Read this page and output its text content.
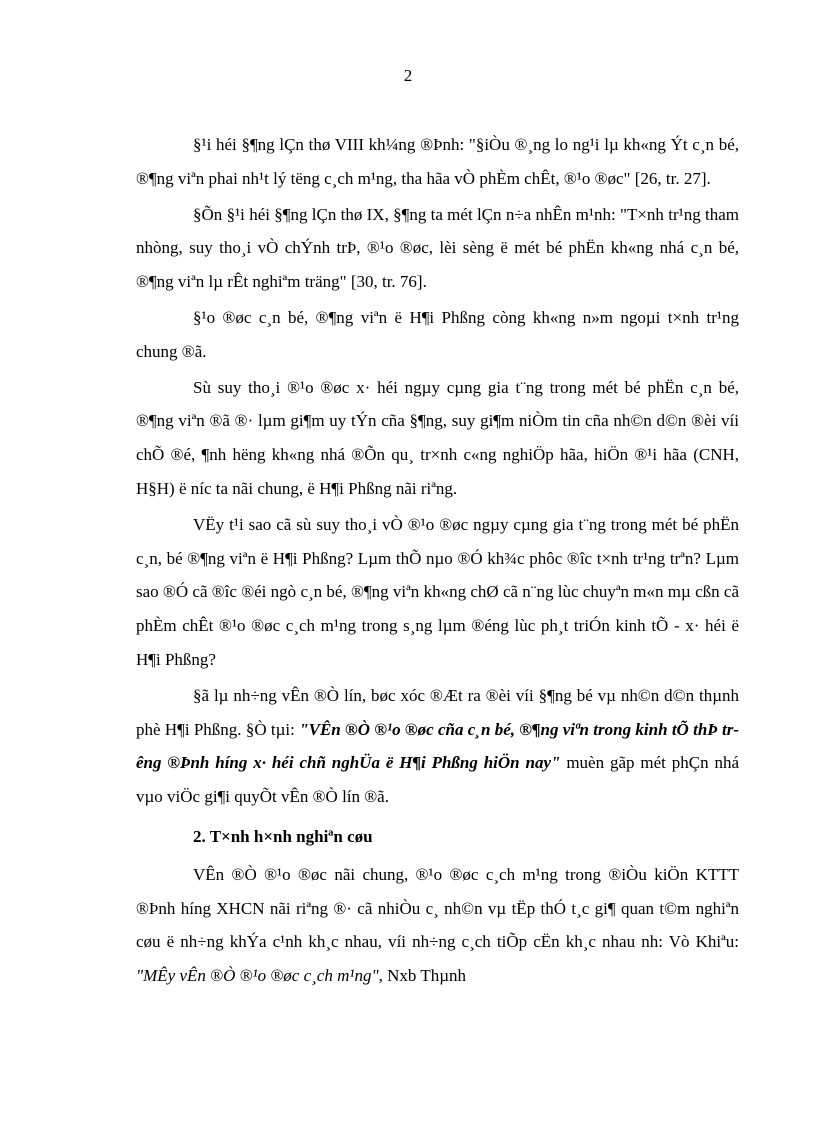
2

§¹i héi §¶ng lÇn thø VIII kh¼ng ®Þnh: "§iÒu ®¸ng lo ng¹i lµ kh«ng Ýt c¸n bé, ®¶ng viªn phai nh¹t lý tëng c¸ch m¹ng, tha hãa vÒ phÈm chÊt, ®¹o ®øc" [26, tr. 27].

§Õn §¹i héi §¶ng lÇn thø IX, §¶ng ta mét lÇn n÷a nhÊn m¹nh: "T×nh tr¹ng tham nhòng, suy tho¸i vÒ chÝnh trÞ, ®¹o ®øc, lèi sèng ë mét bé phËn kh«ng nhá c¸n bé, ®¶ng viªn lµ rÊt nghiªm träng" [30, tr. 76].

§¹o ®øc c¸n bé, ®¶ng viªn ë H¶i Phßng còng kh«ng n»m ngoµi t×nh tr¹ng chung ®ã.

Sù suy tho¸i ®¹o ®øc x· héi ngµy cµng gia t¨ng trong mét bé phËn c¸n bé, ®¶ng viªn ®ã ®· lµm gi¶m uy tÝn cña §¶ng, suy gi¶m niÒm tin cña nh©n d©n ®èi víi chÕ ®é, ¶nh hëng kh«ng nhá ®Õn qu¸ tr×nh c«ng nghiÖp hãa, hiÖn ®¹i hãa (CNH, H§H) ë níc ta nãi chung, ë H¶i Phßng nãi riªng.

VËy t¹i sao cã sù suy tho¸i vÒ ®¹o ®øc ngµy cµng gia t¨ng trong mét bé phËn c¸n, bé ®¶ng viªn ë H¶i Phßng? Lµm thÕ nµo ®Ó kh¾c phôc ®îc t×nh tr¹ng trªn? Lµm sao ®Ó cã ®îc ®éi ngò c¸n bé, ®¶ng viªn kh«ng chØ cã n¨ng lùc chuyªn m«n mµ cßn cã phÈm chÊt ®¹o ®øc c¸ch m¹ng trong s¸ng lµm ®éng lùc ph¸t triÓn kinh tÕ - x· héi ë H¶i Phßng?

§ã lµ nh÷ng vÊn ®Ò lín, bøc xóc ®Æt ra ®èi víi §¶ng bé vµ nh©n d©n thµnh phè H¶i Phßng. §Ò tµi: "VÊn ®Ò ®¹o ®øc cña c¸n bé, ®¶ng viªn trong kinh tÕ thÞ trêng ®Þnh híng x· héi chñ nghÜa ë H¶i Phßng hiÖn nay" muèn gãp mét phÇn nhá vµo viÖc gi¶i quyÕt vÊn ®Ò lín ®ã.

2. T×nh h×nh nghiªn cøu

VÊn ®Ò ®¹o ®øc nãi chung, ®¹o ®øc c¸ch m¹ng trong ®iÒu kiÖn KTTT ®Þnh híng XHCN nãi riªng ®· cã nhiÒu c¸ nh©n vµ tËp thÓ t¸c gi¶ quan t©m nghiªn cøu ë nh÷ng khÝa c¹nh kh¸c nhau, víi nh÷ng c¸ch tiÕp cËn kh¸c nhau nh: Vò Khiªu: "MÊy vÊn ®Ò ®¹o ®øc c¸ch m¹ng", Nxb Thµnh
